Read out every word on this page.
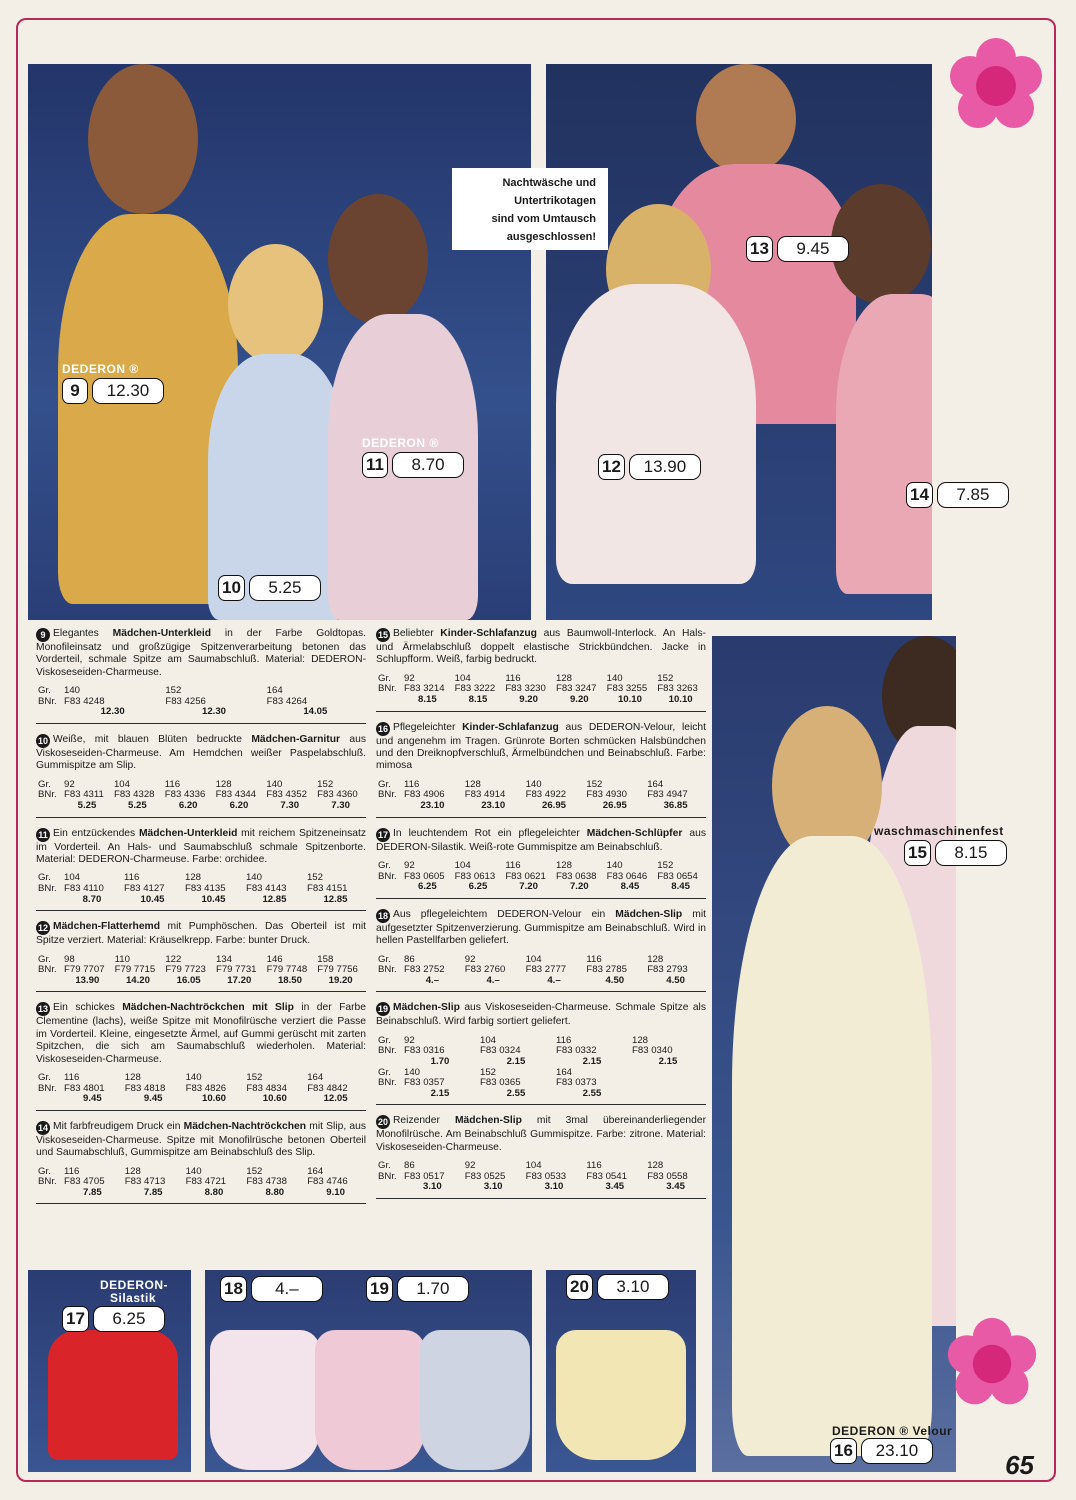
Nachtwäsche und
Untertrikotagen
sind vom Umtausch
ausgeschlossen!
DEDERON ®
DEDERON ®
DEDERON-
Silastik
waschmaschinenfest
DEDERON ® Velour
9	12.30
10	5.25
11	8.70	12	13.90
13	9.45
14	7.85
15	8.15
16	23.10
17	6.25
18	4.–	19	1.70	20	3.10

9 Elegantes Mädchen-Unterkleid in der Farbe Goldtopas. Monofileinsatz und großzügige Spitzenverarbeitung betonen das Vorderteil, schmale Spitze am Saumabschluß. Material: DEDERON-Viskoseseiden-Charmeuse.

Gr.	140	152	164
BNr.	F83 4248	F83 4256	F83 4264
	12.30	12.30	14.05

10 Weiße, mit blauen Blüten bedruckte Mädchen-Garnitur aus Viskoseseiden-Charmeuse. Am Hemdchen weißer Paspelabschluß. Gummispitze am Slip.

Gr.	92	104	116	128	140	152
BNr.	F83 4311	F83 4328	F83 4336	F83 4344	F83 4352	F83 4360
	5.25	5.25	6.20	6.20	7.30	7.30

11 Ein entzückendes Mädchen-Unterkleid mit reichem Spitzeneinsatz im Vorderteil. An Hals- und Saumabschluß schmale Spitzenborte. Material: DEDERON-Charmeuse. Farbe: orchidee.

Gr.	104	116	128	140	152
BNr.	F83 4110	F83 4127	F83 4135	F83 4143	F83 4151
	8.70	10.45	10.45	12.85	12.85

12 Mädchen-Flatterhemd mit Pumphöschen. Das Oberteil ist mit Spitze verziert. Material: Kräuselkrepp. Farbe: bunter Druck.

Gr.	98	110	122	134	146	158
BNr.	F79 7707	F79 7715	F79 7723	F79 7731	F79 7748	F79 7756
	13.90	14.20	16.05	17.20	18.50	19.20

13 Ein schickes Mädchen-Nachtröckchen mit Slip in der Farbe Clementine (lachs), weiße Spitze mit Monofilrüsche verziert die Passe im Vorderteil. Kleine, eingesetzte Ärmel, auf Gummi gerüscht mit zarten Spitzchen, die sich am Saumabschluß wiederholen. Material: Viskoseseiden-Charmeuse.

Gr.	116	128	140	152	164
BNr.	F83 4801	F83 4818	F83 4826	F83 4834	F83 4842
	9.45	9.45	10.60	10.60	12.05

14 Mit farbfreudigem Druck ein Mädchen-Nachtröckchen mit Slip, aus Viskoseseiden-Charmeuse. Spitze mit Monofilrüsche betonen Oberteil und Saumabschluß, Gummispitze am Beinabschluß des Slip.

Gr.	116	128	140	152	164
BNr.	F83 4705	F83 4713	F83 4721	F83 4738	F83 4746
	7.85	7.85	8.80	8.80	9.10

15 Beliebter Kinder-Schlafanzug aus Baumwoll-Interlock. An Hals- und Ärmelabschluß doppelt elastische Strickbündchen. Jacke in Schlupfform. Weiß, farbig bedruckt.

Gr.	92	104	116	128	140	152
BNr.	F83 3214	F83 3222	F83 3230	F83 3247	F83 3255	F83 3263
	8.15	8.15	9.20	9.20	10.10	10.10

16 Pflegeleichter Kinder-Schlafanzug aus DEDERON-Velour, leicht und angenehm im Tragen. Grünrote Borten schmücken Halsbündchen und den Dreiknopfverschluß, Ärmelbündchen und Beinabschluß. Farbe: mimosa

Gr.	116	128	140	152	164
BNr.	F83 4906	F83 4914	F83 4922	F83 4930	F83 4947
	23.10	23.10	26.95	26.95	36.85

17 In leuchtendem Rot ein pflegeleichter Mädchen-Schlüpfer aus DEDERON-Silastik. Weiß-rote Gummispitze am Beinabschluß.

Gr.	92	104	116	128	140	152
BNr.	F83 0605	F83 0613	F83 0621	F83 0638	F83 0646	F83 0654
	6.25	6.25	7.20	7.20	8.45	8.45

18 Aus pflegeleichtem DEDERON-Velour ein Mädchen-Slip mit aufgesetzter Spitzenverzierung. Gummispitze am Beinabschluß. Wird in hellen Pastellfarben geliefert.

Gr.	86	92	104	116	128
BNr.	F83 2752	F83 2760	F83 2777	F83 2785	F83 2793
	4.–	4.–	4.–	4.50	4.50

19 Mädchen-Slip aus Viskoseseiden-Charmeuse. Schmale Spitze als Beinabschluß. Wird farbig sortiert geliefert.

Gr.	92	104	116	128
BNr.	F83 0316	F83 0324	F83 0332	F83 0340
	1.70	2.15	2.15	2.15
Gr.	140	152	164	
BNr.	F83 0357	F83 0365	F83 0373	
	2.15	2.55	2.55	

20 Reizender Mädchen-Slip mit 3mal übereinanderliegender Monofilrüsche. Am Beinabschluß Gummispitze. Farbe: zitrone. Material: Viskoseseiden-Charmeuse.

Gr.	86	92	104	116	128
BNr.	F83 0517	F83 0525	F83 0533	F83 0541	F83 0558
	3.10	3.10	3.10	3.45	3.45
65
